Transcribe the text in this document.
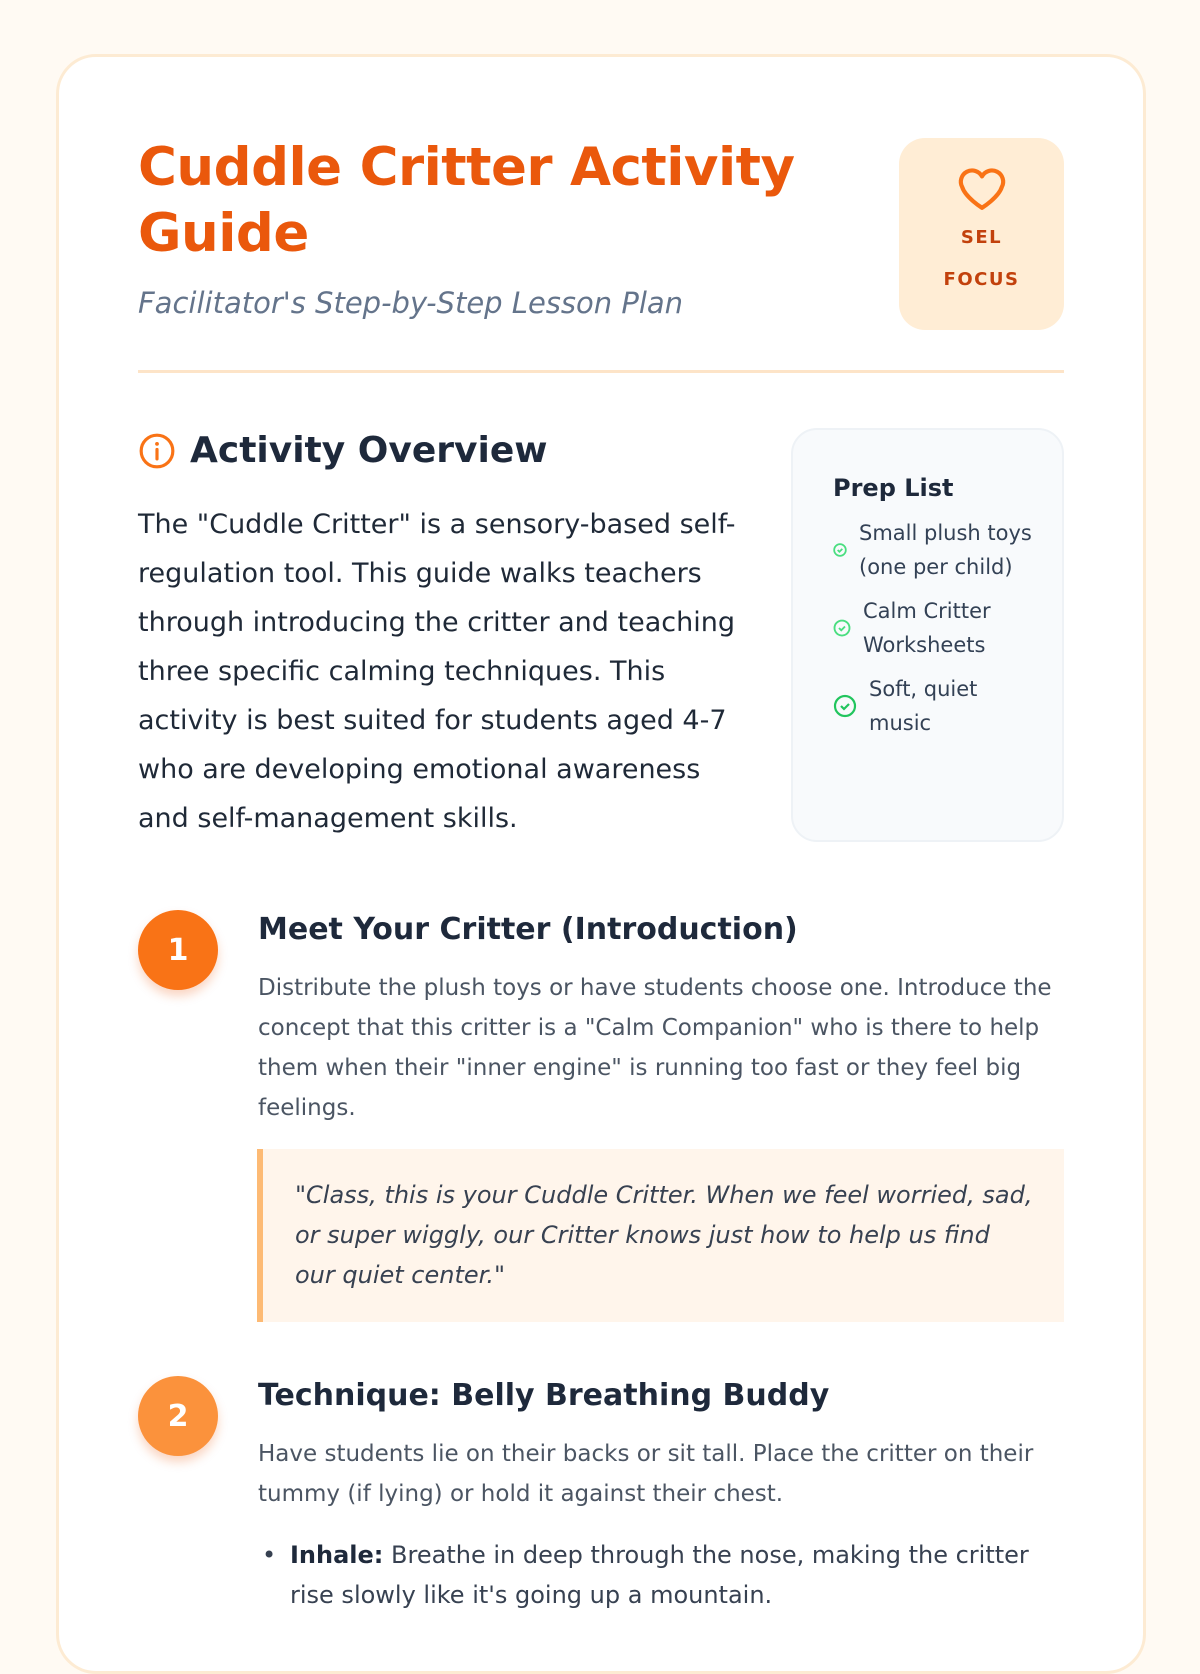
Cuddle Critter Activity Guide
Facilitator's Step-by-Step Lesson Plan
SEL
FOCUS
Activity Overview

The "Cuddle Critter" is a sensory-based self-regulation tool. This guide walks teachers through introducing the critter and teaching three specific calming techniques. This activity is best suited for students aged 4-7 who are developing emotional awareness and self-management skills.

Prep List
Small plush toys (one per child)
Calm Critter Worksheets
Soft, quiet music
1
Meet Your Critter (Introduction)

Distribute the plush toys or have students choose one. Introduce the concept that this critter is a "Calm Companion" who is there to help them when their "inner engine" is running too fast or they feel big feelings.

"Class, this is your Cuddle Critter. When we feel worried, sad, or super wiggly, our Critter knows just how to help us find our quiet center."
2
Technique: Belly Breathing Buddy

Have students lie on their backs or sit tall. Place the critter on their tummy (if lying) or hold it against their chest.

• Inhale: Breathe in deep through the nose, making the critter rise slowly like it's going up a mountain.
